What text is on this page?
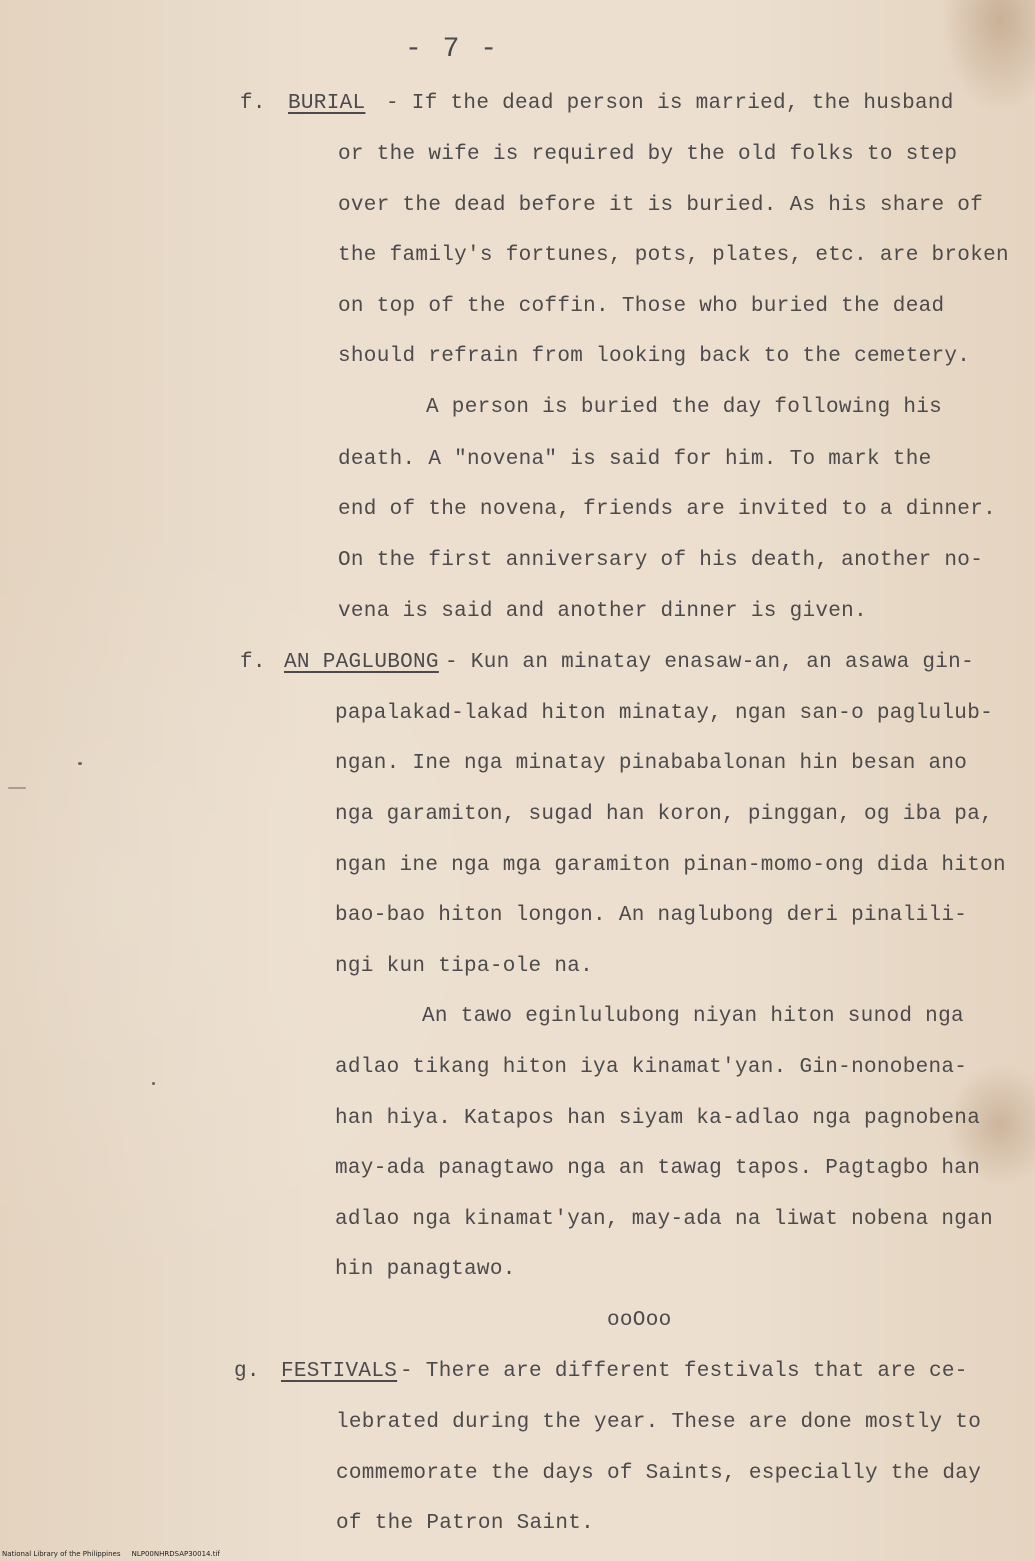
- 7 -
f. BURIAL - If the dead person is married, the husband
or the wife is required by the old folks to step
over the dead before it is buried. As his share of
the family's fortunes, pots, plates, etc. are broken
on top of the coffin. Those who buried the dead
should refrain from looking back to the cemetery.
A person is buried the day following his
death. A "novena" is said for him. To mark the
end of the novena, friends are invited to a dinner.
On the first anniversary of his death, another no-
vena is said and another dinner is given.
f. AN PAGLUBONG - Kun an minatay enasaw-an, an asawa gin-
papalakad-lakad hiton minatay, ngan san-o paglulub-
ngan. Ine nga minatay pinababalonan hin besan ano
nga garamiton, sugad han koron, pinggan, og iba pa,
ngan ine nga mga garamiton pinan-momo-ong dida hiton
bao-bao hiton longon. An naglubong deri pinalili-
ngi kun tipa-ole na.
An tawo eginlulubong niyan hiton sunod nga
adlao tikang hiton iya kinamat'yan. Gin-nonobena-
han hiya. Katapos han siyam ka-adlao nga pagnobena
may-ada panagtawo nga an tawag tapos. Pagtagbo han
adlao nga kinamat'yan, may-ada na liwat nobena ngan
hin panagtawo.
ooOoo
g. FESTIVALS - There are different festivals that are ce-
lebrated during the year. These are done mostly to
commemorate the days of Saints, especially the day
of the Patron Saint.
National Library of the Philippines     NLP00NHRDSAP30014.tif
